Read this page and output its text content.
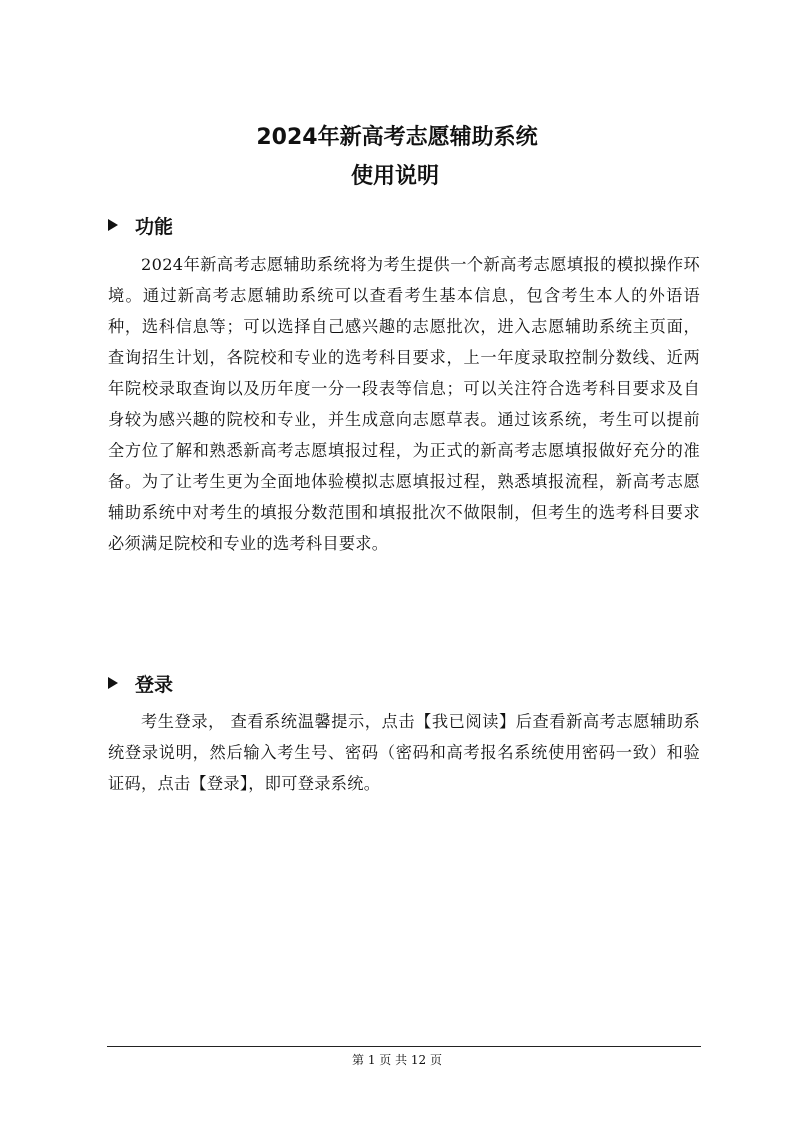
2024年新高考志愿辅助系统
使用说明
功能

2024年新高考志愿辅助系统将为考生提供一个新高考志愿填报的模拟操作环境。通过新高考志愿辅助系统可以查看考生基本信息，包含考生本人的外语语种，选科信息等；可以选择自己感兴趣的志愿批次，进入志愿辅助系统主页面，查询招生计划，各院校和专业的选考科目要求，上一年度录取控制分数线、近两年院校录取查询以及历年度一分一段表等信息；可以关注符合选考科目要求及自身较为感兴趣的院校和专业，并生成意向志愿草表。通过该系统，考生可以提前全方位了解和熟悉新高考志愿填报过程，为正式的新高考志愿填报做好充分的准备。为了让考生更为全面地体验模拟志愿填报过程，熟悉填报流程，新高考志愿辅助系统中对考生的填报分数范围和填报批次不做限制，但考生的选考科目要求必须满足院校和专业的选考科目要求。

登录

考生登录， 查看系统温馨提示，点击【我已阅读】后查看新高考志愿辅助系统登录说明，然后输入考生号、密码（密码和高考报名系统使用密码一致）和验证码，点击【登录】，即可登录系统。

第 1 页 共 12 页
